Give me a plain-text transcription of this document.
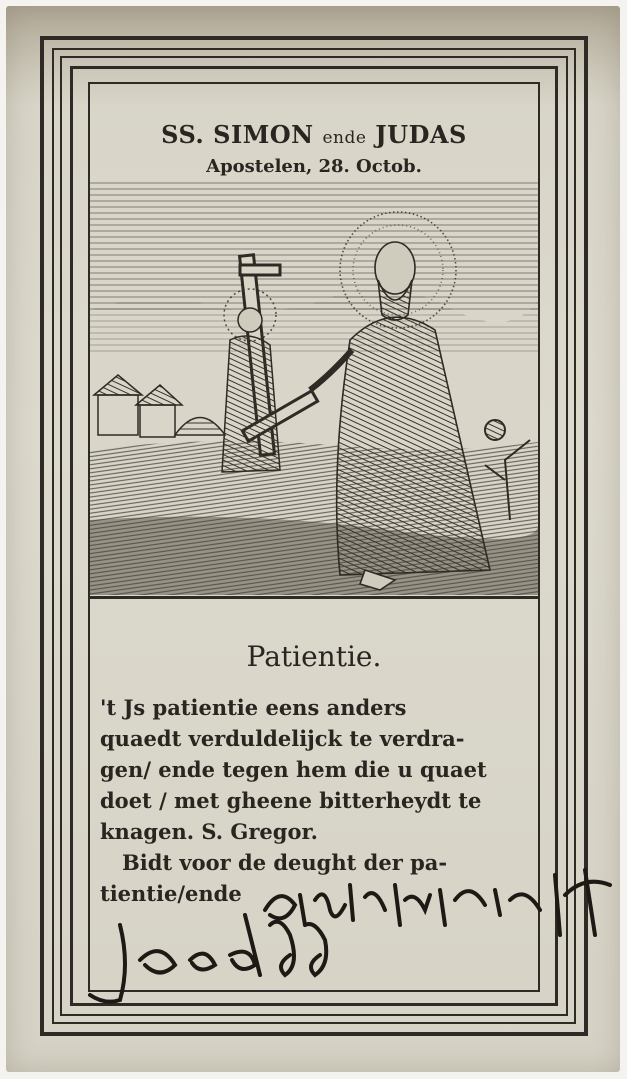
SS. SIMON ende JUDAS
Apostelen, 28. Octob.
Patientie.

't Js patientie eens anders

quaedt verduldelijck te verdra-

gen/ ende tegen hem die u quaet

doet / met gheene bitterheydt te

knagen. S. Gregor.

Bidt voor de deught der pa-

tientie/ende
